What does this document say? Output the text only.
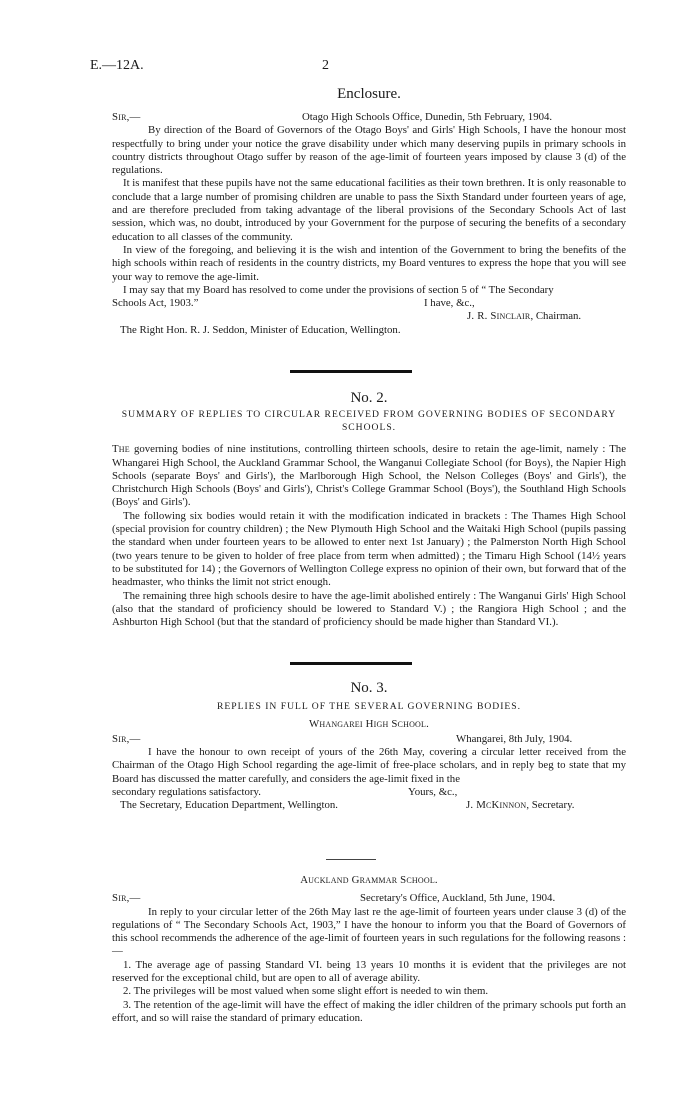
E.—12A.	2
Enclosure.
Sir,—	Otago High Schools Office, Dunedin, 5th February, 1904.

By direction of the Board of Governors of the Otago Boys' and Girls' High Schools, I have the honour most respectfully to bring under your notice the grave disability under which many deserving pupils in primary schools in country districts throughout Otago suffer by reason of the age-limit of fourteen years imposed by clause 3 (d) of the regulations.

It is manifest that these pupils have not the same educational facilities as their town brethren. It is only reasonable to conclude that a large number of promising children are unable to pass the Sixth Standard under fourteen years of age, and are therefore precluded from taking advantage of the liberal provisions of the Secondary Schools Act of last session, which was, no doubt, introduced by your Government for the purpose of securing the benefits of a secondary education to all classes of the community.

In view of the foregoing, and believing it is the wish and intention of the Government to bring the benefits of the high schools within reach of residents in the country districts, my Board ventures to express the hope that you will see your way to remove the age-limit.

I may say that my Board has resolved to come under the provisions of section 5 of “ The Secondary

Schools Act, 1903.”	I have, &c.,
J. R. Sinclair, Chairman.
The Right Hon. R. J. Seddon, Minister of Education, Wellington.
No. 2.
SUMMARY OF REPLIES TO CIRCULAR RECEIVED FROM GOVERNING BODIES OF SECONDARY SCHOOLS.

The governing bodies of nine institutions, controlling thirteen schools, desire to retain the age-limit, namely : The Whangarei High School, the Auckland Grammar School, the Wanganui Collegiate School (for Boys), the Napier High Schools (separate Boys' and Girls'), the Marlborough High School, the Nelson Colleges (Boys' and Girls'), the Christchurch High Schools (Boys' and Girls'), Christ's College Grammar School (Boys'), the Southland High Schools (Boys' and Girls').

The following six bodies would retain it with the modification indicated in brackets : The Thames High School (special provision for country children) ; the New Plymouth High School and the Waitaki High School (pupils passing the standard when under fourteen years to be allowed to enter next 1st January) ; the Palmerston North High School (two years tenure to be given to holder of free place from term when admitted) ; the Timaru High School (14½ years to be substituted for 14) ; the Governors of Wellington College express no opinion of their own, but forward that of the headmaster, who thinks the limit not strict enough.

The remaining three high schools desire to have the age-limit abolished entirely : The Wanganui Girls' High School (also that the standard of proficiency should be lowered to Standard V.) ; the Rangiora High School ; and the Ashburton High School (but that the standard of proficiency should be made higher than Standard VI.).

No. 3.
REPLIES IN FULL OF THE SEVERAL GOVERNING BODIES.
Whangarei High School.
Sir,—	Whangarei, 8th July, 1904.

I have the honour to own receipt of yours of the 26th May, covering a circular letter received from the Chairman of the Otago High School regarding the age-limit of free-place scholars, and in reply beg to state that my Board has discussed the matter carefully, and considers the age-limit fixed in the

secondary regulations satisfactory.	Yours, &c.,
The Secretary, Education Department, Wellington.	J. McKinnon, Secretary.
Auckland Grammar School.
Sir,—	Secretary's Office, Auckland, 5th June, 1904.

In reply to your circular letter of the 26th May last re the age-limit of fourteen years under clause 3 (d) of the regulations of “ The Secondary Schools Act, 1903,” I have the honour to inform you that the Board of Governors of this school recommends the adherence of the age-limit of fourteen years in such regulations for the following reasons :—

1. The average age of passing Standard VI. being 13 years 10 months it is evident that the privileges are not reserved for the exceptional child, but are open to all of average ability.

2. The privileges will be most valued when some slight effort is needed to win them.

3. The retention of the age-limit will have the effect of making the idler children of the primary schools put forth an effort, and so will raise the standard of primary education.
